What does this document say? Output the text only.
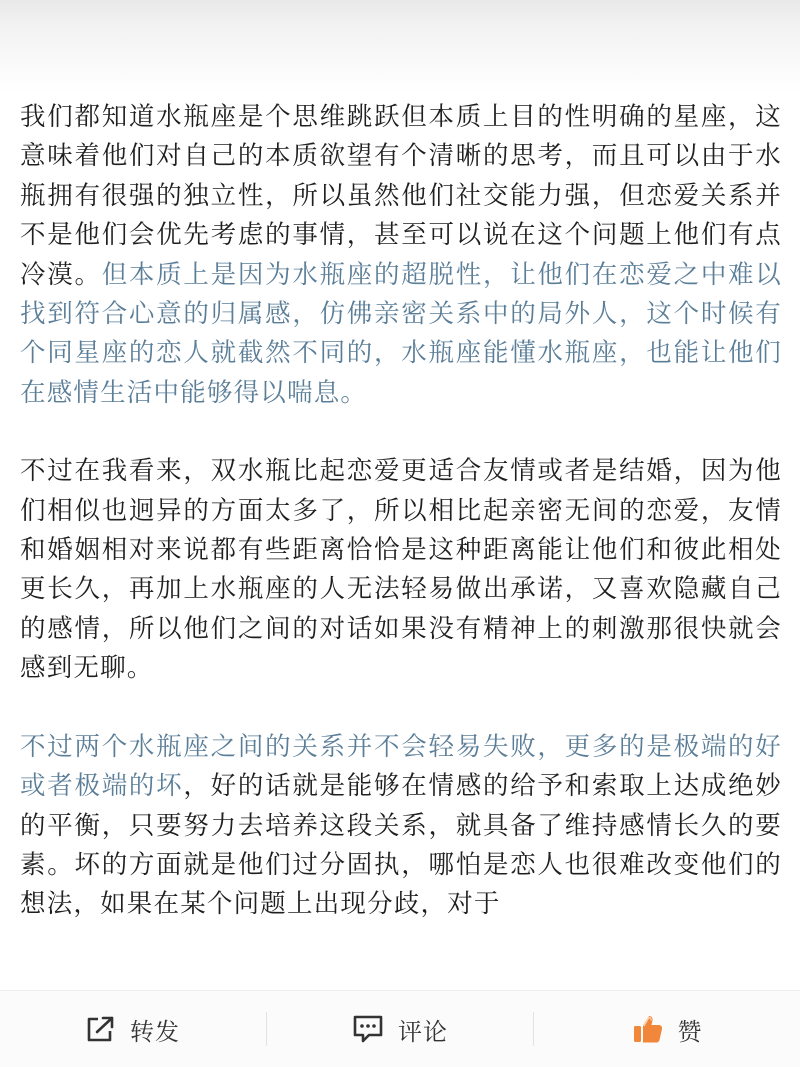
我们都知道水瓶座是个思维跳跃但本质上目的性明确的星座，这意味着他们对自己的本质欲望有个清晰的思考，而且可以由于水瓶拥有很强的独立性，所以虽然他们社交能力强，但恋爱关系并不是他们会优先考虑的事情，甚至可以说在这个问题上他们有点冷漠。但本质上是因为水瓶座的超脱性，让他们在恋爱之中难以找到符合心意的归属感，仿佛亲密关系中的局外人，这个时候有个同星座的恋人就截然不同的，水瓶座能懂水瓶座，也能让他们在感情生活中能够得以喘息。

不过在我看来，双水瓶比起恋爱更适合友情或者是结婚，因为他们相似也迥异的方面太多了，所以相比起亲密无间的恋爱，友情和婚姻相对来说都有些距离恰恰是这种距离能让他们和彼此相处更长久，再加上水瓶座的人无法轻易做出承诺，又喜欢隐藏自己的感情，所以他们之间的对话如果没有精神上的刺激那很快就会感到无聊。

不过两个水瓶座之间的关系并不会轻易失败，更多的是极端的好或者极端的坏，好的话就是能够在情感的给予和索取上达成绝妙的平衡，只要努力去培养这段关系，就具备了维持感情长久的要素。坏的方面就是他们过分固执，哪怕是恋人也很难改变他们的想法，如果在某个问题上出现分歧，对于

转发	评论	赞
